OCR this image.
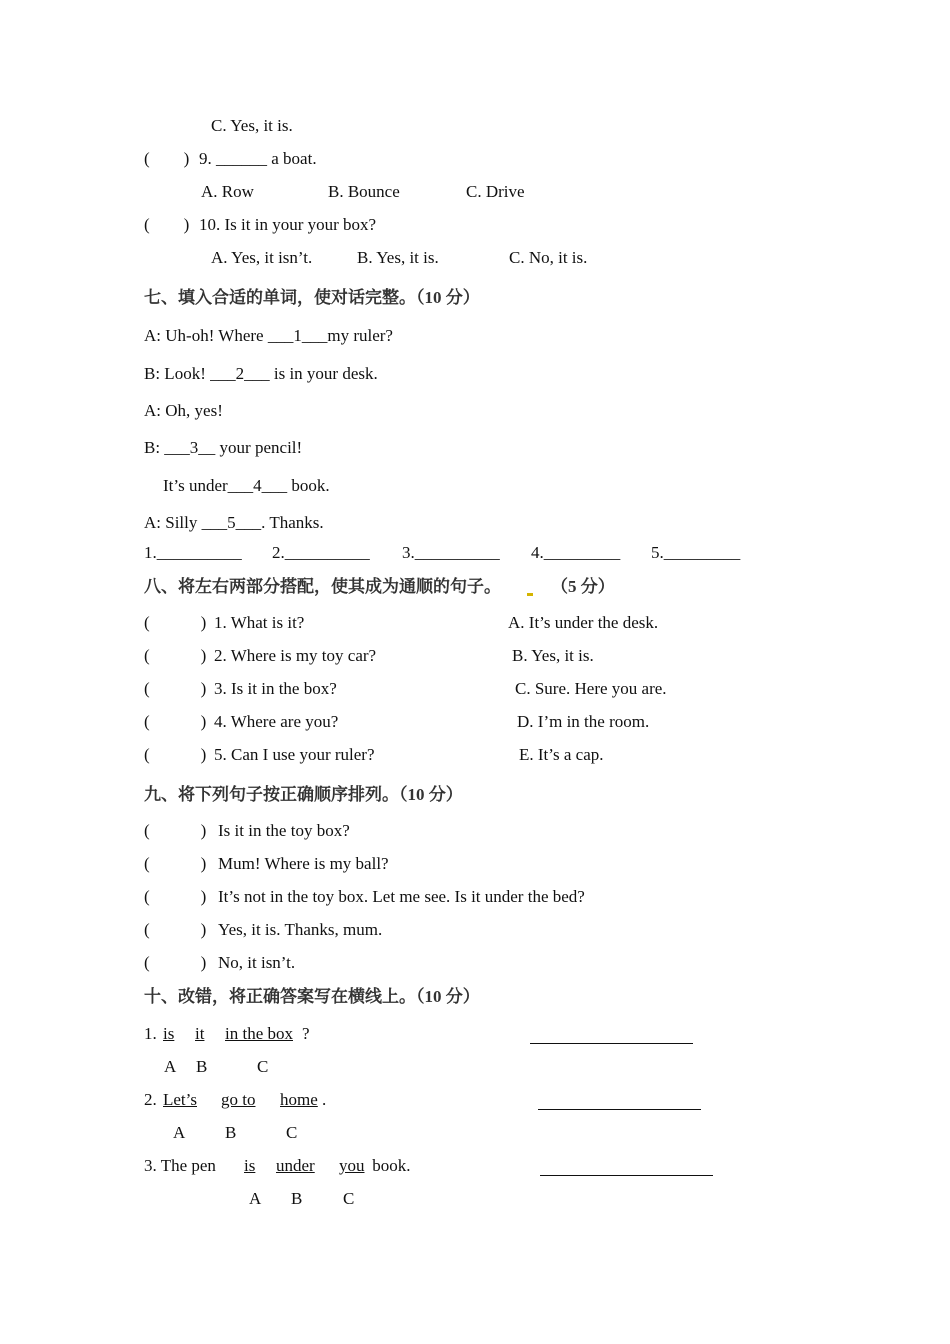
C. Yes, it is.
(        ) 9. ______ a boat.
A. Row	B. Bounce	C. Drive
(        ) 10. Is it in your your box?
A. Yes, it isn’t.	B. Yes, it is.	C. No, it is.
七、填入合适的单词，使对话完整。（10 分）
A: Uh-oh! Where ___1___my ruler?
B: Look! ___2___ is in your desk.
A: Oh, yes!
B: ___3__ your pencil!
It’s under___4___ book.
A: Silly ___5___. Thanks.
1.__________ 2.__________ 3.__________ 4._________ 5._________
八、将左右两部分搭配，使其成为通顺的句子。	（5 分）
(            ) 1. What is it?	A. It’s under the desk.
(            ) 2. Where is my toy car?	B. Yes, it is.
(            ) 3. Is it in the box?	C. Sure. Here you are.
(            ) 4. Where are you?	D. I’m in the room.
(            ) 5. Can I use your ruler?	E. It’s a cap.
九、将下列句子按正确顺序排列。（10 分）
(            ) Is it in the toy box?
(            ) Mum! Where is my ball?
(            ) It’s not in the toy box. Let me see. Is it under the bed?
(            ) Yes, it is. Thanks, mum.
(            ) No, it isn’t.
十、改错，将正确答案写在横线上。（10 分）
1. is it in the box ?
A B	C
2. Let’s go to home .
A B	C
3. The pen is under you book.
A B C
